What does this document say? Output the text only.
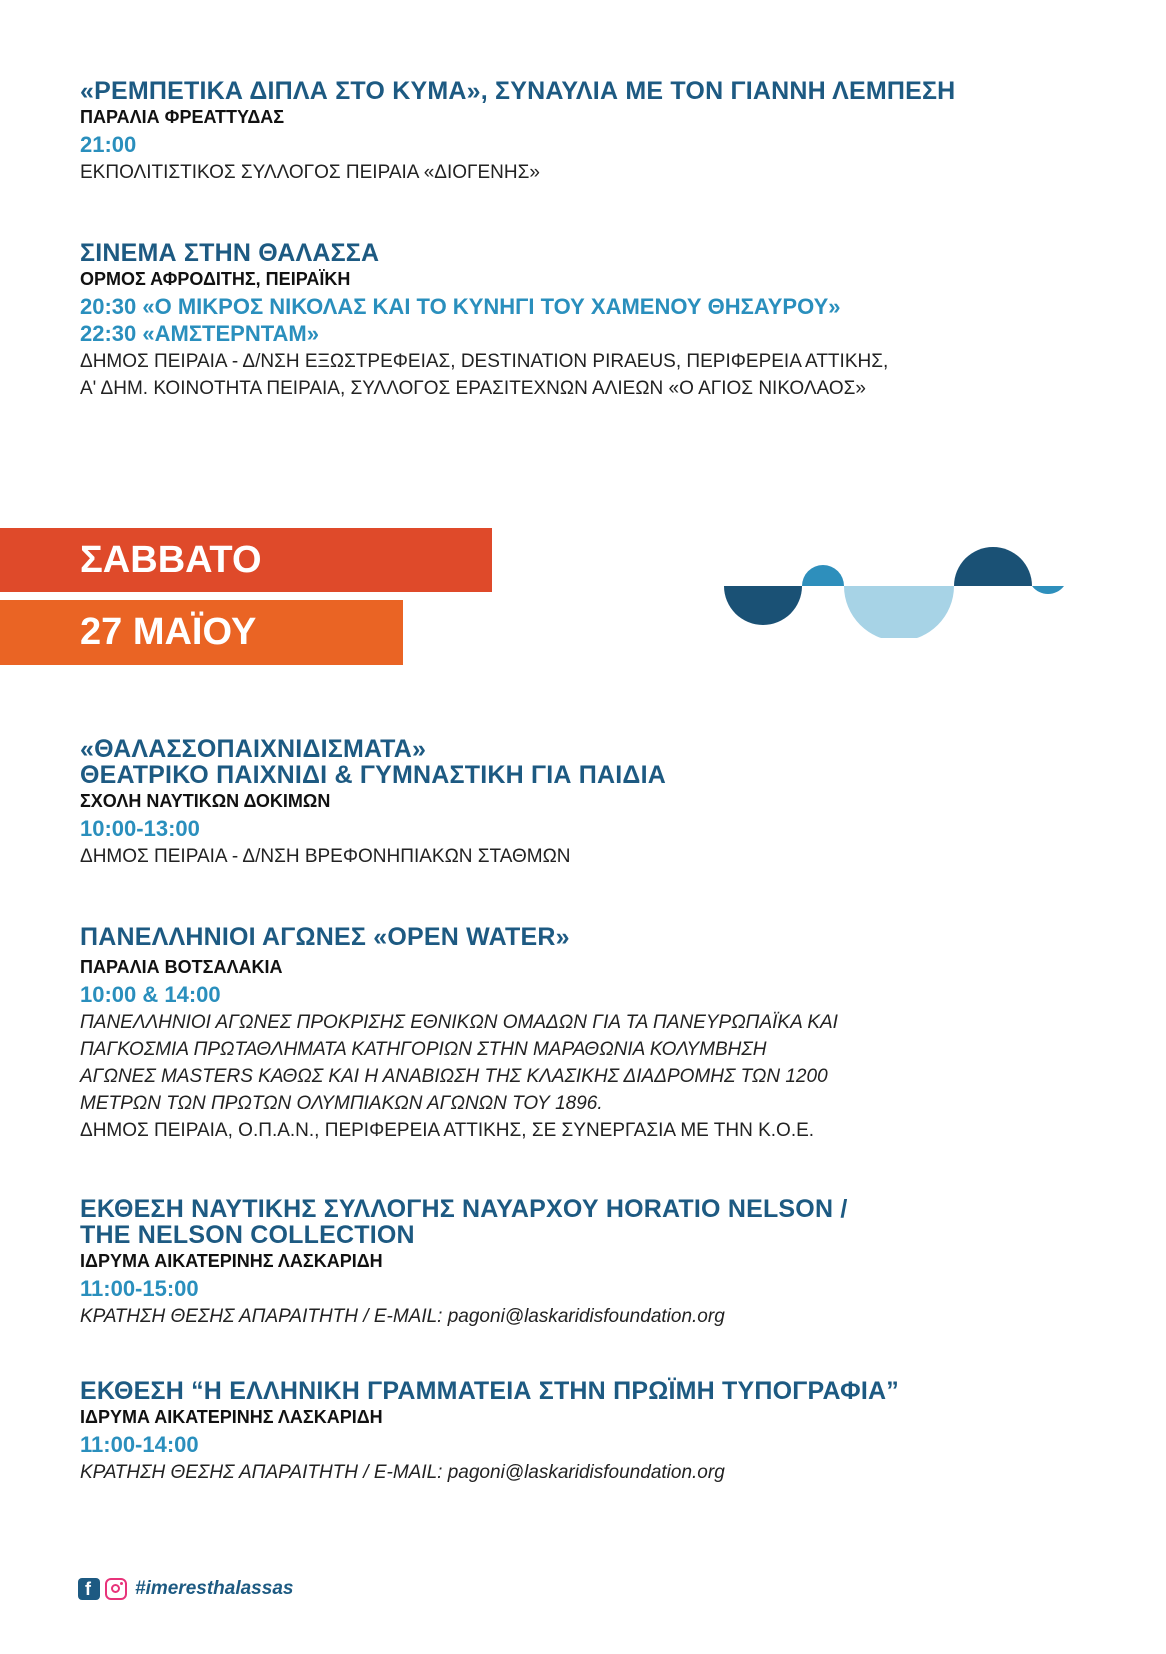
«ΡΕΜΠΕΤΙΚΑ ΔΙΠΛΑ ΣΤΟ ΚΥΜΑ», ΣΥΝΑΥΛΙΑ ΜΕ ΤΟΝ ΓΙΑΝΝΗ ΛΕΜΠΕΣΗ

ΠΑΡΑΛΙΑ ΦΡΕΑΤΤΥΔΑΣ

21:00

ΕΚΠΟΛΙΤΙΣΤΙΚΟΣ ΣΥΛΛΟΓΟΣ ΠΕΙΡΑΙΑ «ΔΙΟΓΕΝΗΣ»

ΣΙΝΕΜΑ ΣΤΗΝ ΘΑΛΑΣΣΑ

ΟΡΜΟΣ ΑΦΡΟΔΙΤΗΣ, ΠΕΙΡΑΪΚΗ

20:30 «Ο ΜΙΚΡΟΣ ΝΙΚΟΛΑΣ ΚΑΙ ΤΟ ΚΥΝΗΓΙ ΤΟΥ ΧΑΜΕΝΟΥ ΘΗΣΑΥΡΟΥ»

22:30 «ΑΜΣΤΕΡΝΤΑΜ»

ΔΗΜΟΣ ΠΕΙΡΑΙΑ - Δ/ΝΣΗ ΕΞΩΣΤΡΕΦΕΙΑΣ, DESTINATION PIRAEUS, ΠΕΡΙΦΕΡΕΙΑ ΑΤΤΙΚΗΣ,

Α' ΔΗΜ. ΚΟΙΝΟΤΗΤΑ ΠΕΙΡΑΙΑ, ΣΥΛΛΟΓΟΣ ΕΡΑΣΙΤΕΧΝΩΝ ΑΛΙΕΩΝ «Ο ΑΓΙΟΣ ΝΙΚΟΛΑΟΣ»

ΣΑΒΒΑΤΟ
27 ΜΑΪΟΥ
«ΘΑΛΑΣΣΟΠΑΙΧΝΙΔΙΣΜΑΤΑ»
ΘΕΑΤΡΙΚΟ ΠΑΙΧΝΙΔΙ & ΓΥΜΝΑΣΤΙΚΗ ΓΙΑ ΠΑΙΔΙΑ

ΣΧΟΛΗ ΝΑΥΤΙΚΩΝ ΔΟΚΙΜΩΝ

10:00-13:00

ΔΗΜΟΣ ΠΕΙΡΑΙΑ - Δ/ΝΣΗ ΒΡΕΦΟΝΗΠΙΑΚΩΝ ΣΤΑΘΜΩΝ

ΠΑΝΕΛΛΗΝΙΟΙ ΑΓΩΝΕΣ «OPEN WATER»

ΠΑΡΑΛΙΑ ΒΟΤΣΑΛΑΚΙΑ

10:00 & 14:00

ΠΑΝΕΛΛΗΝΙΟΙ ΑΓΩΝΕΣ ΠΡΟΚΡΙΣΗΣ ΕΘΝΙΚΩΝ ΟΜΑΔΩΝ ΓΙΑ ΤΑ ΠΑΝΕΥΡΩΠΑΪΚΑ ΚΑΙ

ΠΑΓΚΟΣΜΙΑ ΠΡΩΤΑΘΛΗΜΑΤΑ ΚΑΤΗΓΟΡΙΩΝ ΣΤΗΝ ΜΑΡΑΘΩΝΙΑ ΚΟΛΥΜΒΗΣΗ

ΑΓΩΝΕΣ MASTERS ΚΑΘΩΣ ΚΑΙ Η ΑΝΑΒΙΩΣΗ ΤΗΣ ΚΛΑΣΙΚΗΣ ΔΙΑΔΡΟΜΗΣ ΤΩΝ 1200

ΜΕΤΡΩΝ ΤΩΝ ΠΡΩΤΩΝ ΟΛΥΜΠΙΑΚΩΝ ΑΓΩΝΩΝ ΤΟΥ 1896.

ΔΗΜΟΣ ΠΕΙΡΑΙΑ, Ο.Π.Α.Ν., ΠΕΡΙΦΕΡΕΙΑ ΑΤΤΙΚΗΣ, ΣΕ ΣΥΝΕΡΓΑΣΙΑ ΜΕ ΤΗΝ Κ.Ο.Ε.

ΕΚΘΕΣΗ ΝΑΥΤΙΚΗΣ ΣΥΛΛΟΓΗΣ ΝΑΥΑΡΧΟΥ HORATIO NELSON /
THE NELSON COLLECTION

ΙΔΡΥΜΑ ΑΙΚΑΤΕΡΙΝΗΣ ΛΑΣΚΑΡΙΔΗ

11:00-15:00

ΚΡΑΤΗΣΗ ΘΕΣΗΣ ΑΠΑΡΑΙΤΗΤΗ / E-MAIL: pagoni@laskaridisfoundation.org

ΕΚΘΕΣΗ “Η ΕΛΛΗΝΙΚΗ ΓΡΑΜΜΑΤΕΙΑ ΣΤΗΝ ΠΡΩΪΜΗ ΤΥΠΟΓΡΑΦΙΑ”

ΙΔΡΥΜΑ ΑΙΚΑΤΕΡΙΝΗΣ ΛΑΣΚΑΡΙΔΗ

11:00-14:00

ΚΡΑΤΗΣΗ ΘΕΣΗΣ ΑΠΑΡΑΙΤΗΤΗ / E-MAIL: pagoni@laskaridisfoundation.org

f	#imeresthalassas
